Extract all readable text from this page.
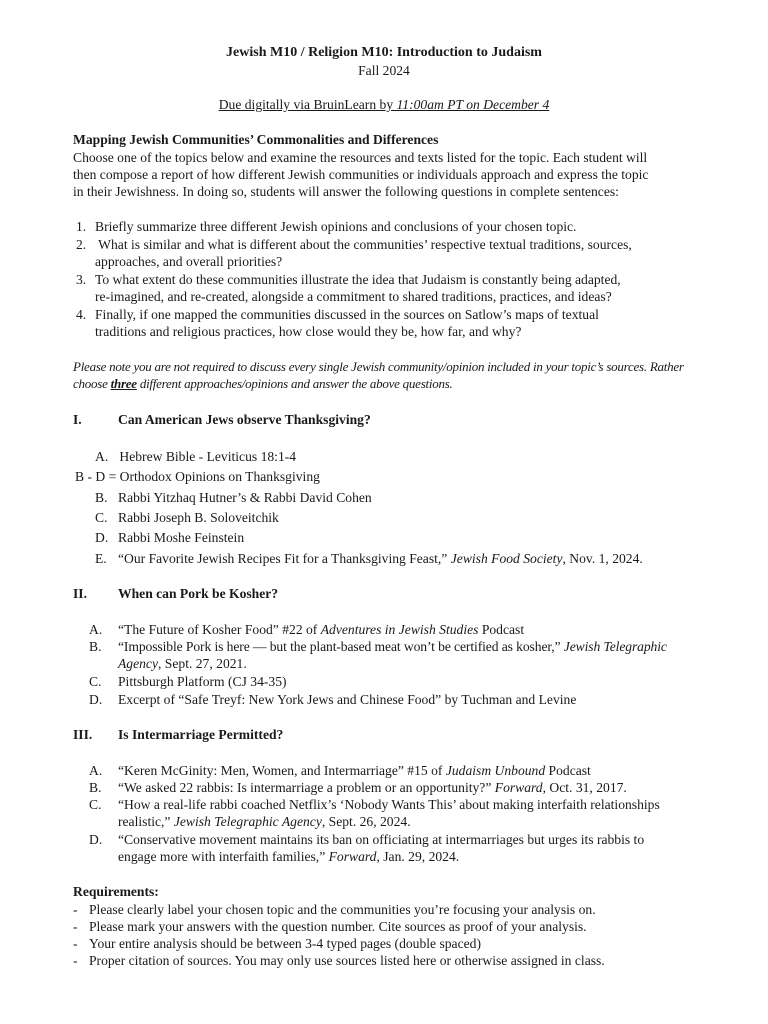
Jewish M10 / Religion M10: Introduction to Judaism
Fall 2024
Due digitally via BruinLearn by 11:00am PT on December 4
Mapping Jewish Communities’ Commonalities and Differences
Choose one of the topics below and examine the resources and texts listed for the topic. Each student will
then compose a report of how different Jewish communities or individuals approach and express the topic
in their Jewishness. In doing so, students will answer the following questions in complete sentences:
1. Briefly summarize three different Jewish opinions and conclusions of your chosen topic.
2. What is similar and what is different about the communities’ respective textual traditions, sources,
approaches, and overall priorities?
3. To what extent do these communities illustrate the idea that Judaism is constantly being adapted,
re-imagined, and re-created, alongside a commitment to shared traditions, practices, and ideas?
4. Finally, if one mapped the communities discussed in the sources on Satlow’s maps of textual
traditions and religious practices, how close would they be, how far, and why?
Please note you are not required to discuss every single Jewish community/opinion included in your topic’s sources. Rather
choose three different approaches/opinions and answer the above questions.
I.	Can American Jews observe Thanksgiving?
A. Hebrew Bible - Leviticus 18:1-4
B - D = Orthodox Opinions on Thanksgiving
B. Rabbi Yitzhaq Hutner’s & Rabbi David Cohen
C. Rabbi Joseph B. Soloveitchik
D. Rabbi Moshe Feinstein
E. “Our Favorite Jewish Recipes Fit for a Thanksgiving Feast,” Jewish Food Society, Nov. 1, 2024.
II. When can Pork be Kosher?
A. “The Future of Kosher Food” #22 of Adventures in Jewish Studies Podcast
B. “Impossible Pork is here — but the plant-based meat won’t be certified as kosher,” Jewish Telegraphic
Agency, Sept. 27, 2021.
C. Pittsburgh Platform (CJ 34-35)
D. Excerpt of “Safe Treyf: New York Jews and Chinese Food” by Tuchman and Levine
III. Is Intermarriage Permitted?
A. “Keren McGinity: Men, Women, and Intermarriage” #15 of Judaism Unbound Podcast
B. “We asked 22 rabbis: Is intermarriage a problem or an opportunity?” Forward, Oct. 31, 2017.
C. “How a real-life rabbi coached Netflix’s ‘Nobody Wants This’ about making interfaith relationships
realistic,” Jewish Telegraphic Agency, Sept. 26, 2024.
D. “Conservative movement maintains its ban on officiating at intermarriages but urges its rabbis to
engage more with interfaith families,” Forward, Jan. 29, 2024.
Requirements:
- Please clearly label your chosen topic and the communities you’re focusing your analysis on.
- Please mark your answers with the question number. Cite sources as proof of your analysis.
- Your entire analysis should be between 3-4 typed pages (double spaced)
- Proper citation of sources. You may only use sources listed here or otherwise assigned in class.
